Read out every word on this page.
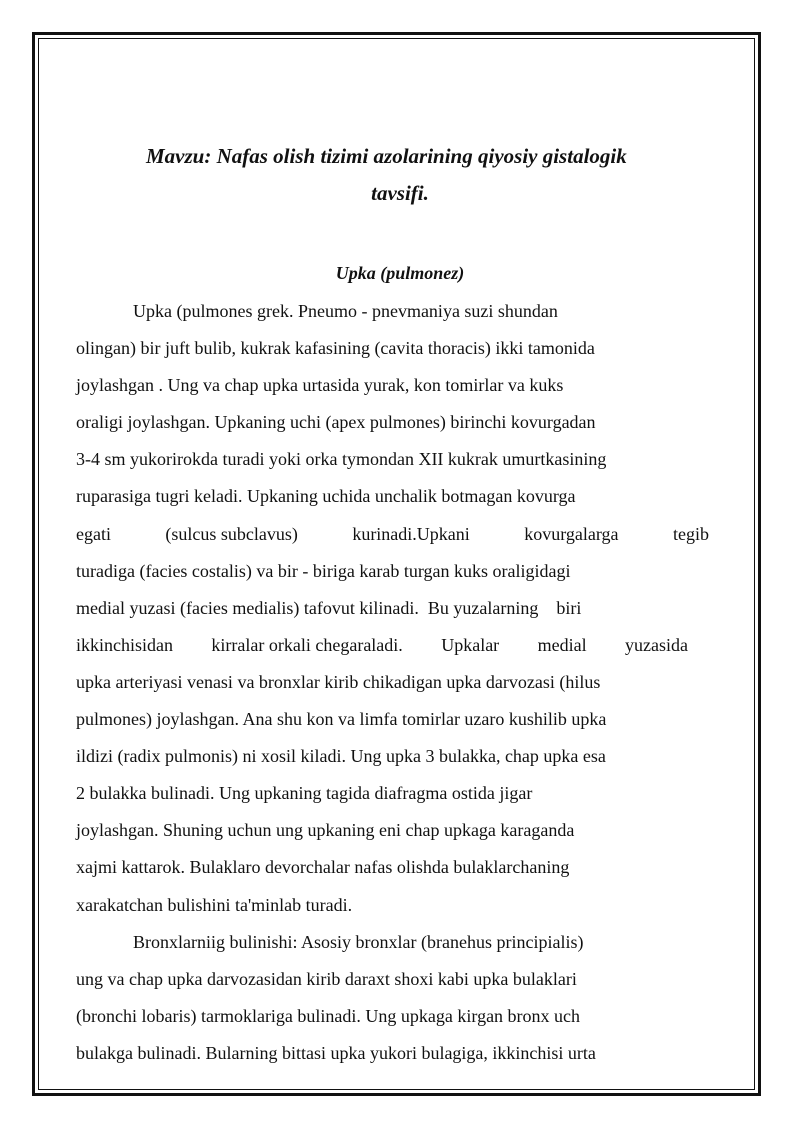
Mavzu: Nafas olish tizimi azolarining qiyosiy gistalogik
tavsifi.
Upka (pulmonez)
Upka (pulmones grek. Pneumo - pnevmaniya suzi shundan
olingan) bir juft bulib, kukrak kafasining (cavita thoracis) ikki tamonida
joylashgan . Ung va chap upka urtasida yurak, kon tomirlar va kuks
oraligi joylashgan. Upkaning uchi (apex pulmones) birinchi kovurgadan
3-4 sm yukorirokda turadi yoki orka tymondan XII kukrak umurtkasining
ruparasiga tugri keladi. Upkaning uchida unchalik botmagan kovurga
egati	(sulcus subclavus)	kurinadi.Upkani	kovurgalarga	tegib
turadiga (facies costalis) va bir - biriga karab turgan kuks oraligidagi
medial yuzasi (facies medialis) tafovut kilinadi. Bu yuzalarning biri
ikkinchisidan kirralar orkali chegaraladi. Upkalar medial yuzasida
upka arteriyasi venasi va bronxlar kirib chikadigan upka darvozasi (hilus
pulmones) joylashgan. Ana shu kon va limfa tomirlar uzaro kushilib upka
ildizi (radix pulmonis) ni xosil kiladi. Ung upka 3 bulakka, chap upka esa
2 bulakka bulinadi. Ung upkaning tagida diafragma ostida jigar
joylashgan. Shuning uchun ung upkaning eni chap upkaga karaganda
xajmi kattarok. Bulaklaro devorchalar nafas olishda bulaklarchaning
xarakatchan bulishini ta'minlab turadi.
Bronxlarniig bulinishi: Asosiy bronxlar (branehus principialis)
ung va chap upka darvozasidan kirib daraxt shoxi kabi upka bulaklari
(bronchi lobaris) tarmoklariga bulinadi. Ung upkaga kirgan bronx uch
bulakga bulinadi. Bularning bittasi upka yukori bulagiga, ikkinchisi urta
